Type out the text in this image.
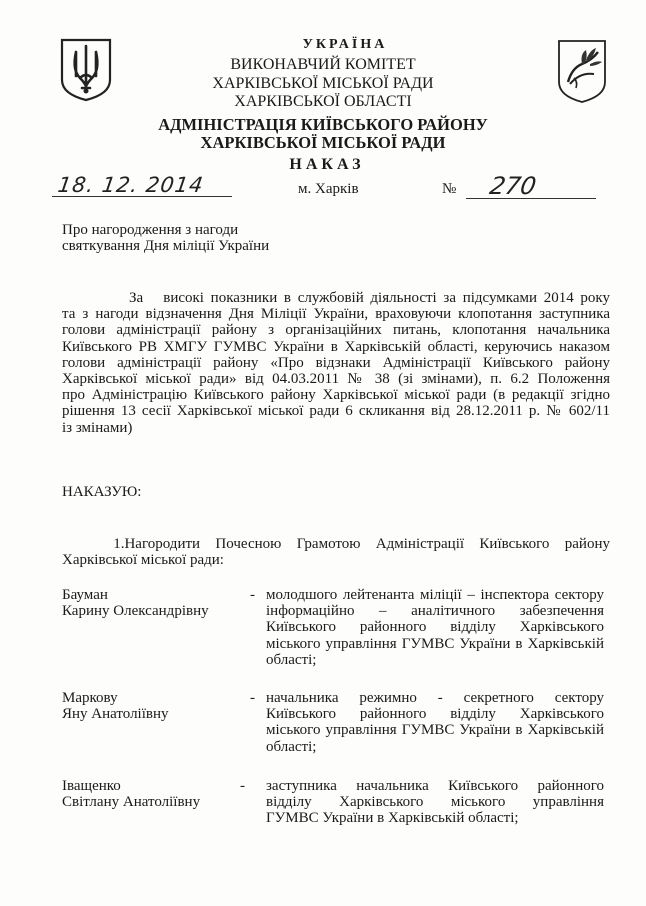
УКРАЇНА
ВИКОНАВЧИЙ КОМІТЕТ
ХАРКІВСЬКОЇ МІСЬКОЇ РАДИ
ХАРКІВСЬКОЇ ОБЛАСТІ
АДМІНІСТРАЦІЯ КИЇВСЬКОГО РАЙОНУ
ХАРКІВСЬКОЇ МІСЬКОЇ РАДИ
НАКАЗ
18. 12. 2014	м. Харків	№ 270
Про нагородження з нагоди
святкування Дня міліції України
За   високі показники в службовій діяльності за підсумками 2014 року
та з нагоди відзначення Дня Міліції України, враховуючи клопотання заступника
голови адміністрації району з організаційних питань, клопотання начальника
Київського РВ ХМГУ ГУМВС України в Харківській області, керуючись наказом
голови адміністрації району «Про відзнаки Адміністрації Київського району
Харківської міської ради» від 04.03.2011 № 38 (зі змінами), п. 6.2 Положення
про Адміністрацію Київського району Харківської міської ради (в редакції згідно
рішення 13 сесії Харківської міської ради 6 скликання від 28.12.2011 р. № 602/11
із змінами)
НАКАЗУЮ:
1.Нагородити   Почесною   Грамотою   Адміністрації   Київського   району
Харківської міської ради:
Бауман
Карину Олександрівну
- молодшого лейтенанта міліції – інспектора сектору
інформаційно – аналітичного забезпечення
Київського районного відділу Харківського
міського управління ГУМВС України в Харківській
області;
Маркову
Яну Анатоліївну
- начальника режимно - секретного сектору
Київського районного відділу Харківського
міського управління ГУМВС України в Харківській
області;
Іващенко
Світлану Анатоліївну
- заступника начальника Київського районного
відділу Харківського міського управління
ГУМВС України в Харківській області;
